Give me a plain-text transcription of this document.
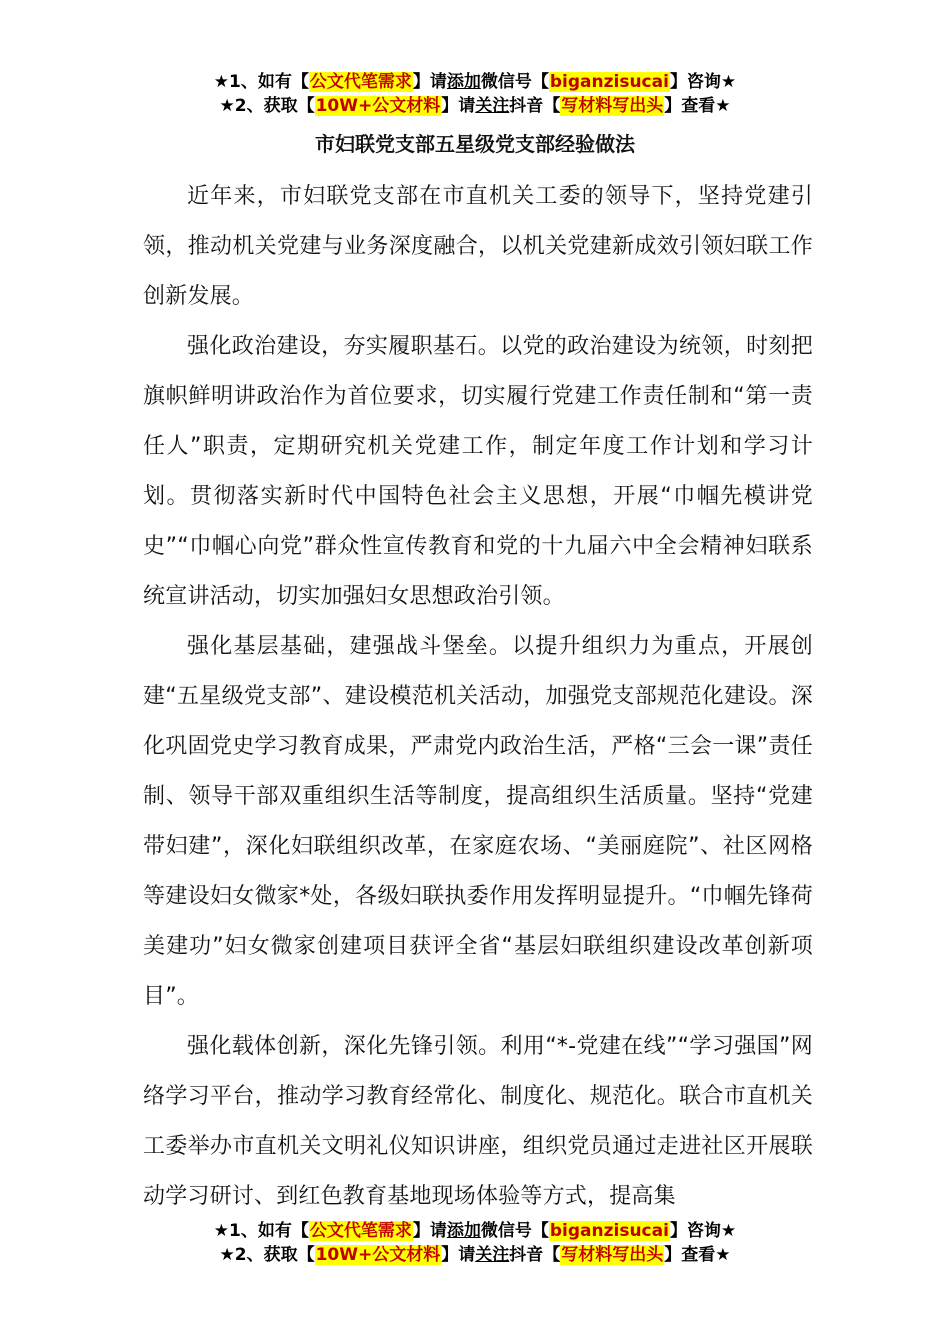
★1、如有【公文代笔需求】请添加微信号【biganzisucai】咨询★
★2、获取【10W+公文材料】请关注抖音【写材料写出头】查看★
市妇联党支部五星级党支部经验做法

近年来，市妇联党支部在市直机关工委的领导下，坚持党建引领，推动机关党建与业务深度融合，以机关党建新成效引领妇联工作创新发展。

强化政治建设，夯实履职基石。以党的政治建设为统领，时刻把旗帜鲜明讲政治作为首位要求，切实履行党建工作责任制和“第一责任人”职责，定期研究机关党建工作，制定年度工作计划和学习计划。贯彻落实新时代中国特色社会主义思想，开展“巾帼先模讲党史”“巾帼心向党”群众性宣传教育和党的十九届六中全会精神妇联系统宣讲活动，切实加强妇女思想政治引领。

强化基层基础，建强战斗堡垒。以提升组织力为重点，开展创建“五星级党支部”、建设模范机关活动，加强党支部规范化建设。深化巩固党史学习教育成果，严肃党内政治生活，严格“三会一课”责任制、领导干部双重组织生活等制度，提高组织生活质量。坚持“党建带妇建”，深化妇联组织改革，在家庭农场、“美丽庭院”、社区网格等建设妇女微家*处，各级妇联执委作用发挥明显提升。“巾帼先锋荷美建功”妇女微家创建项目获评全省“基层妇联组织建设改革创新项目”。

强化载体创新，深化先锋引领。利用“*-党建在线”“学习强国”网络学习平台，推动学习教育经常化、制度化、规范化。联合市直机关工委举办市直机关文明礼仪知识讲座，组织党员通过走进社区开展联动学习研讨、到红色教育基地现场体验等方式，提高集

★1、如有【公文代笔需求】请添加微信号【biganzisucai】咨询★
★2、获取【10W+公文材料】请关注抖音【写材料写出头】查看★
